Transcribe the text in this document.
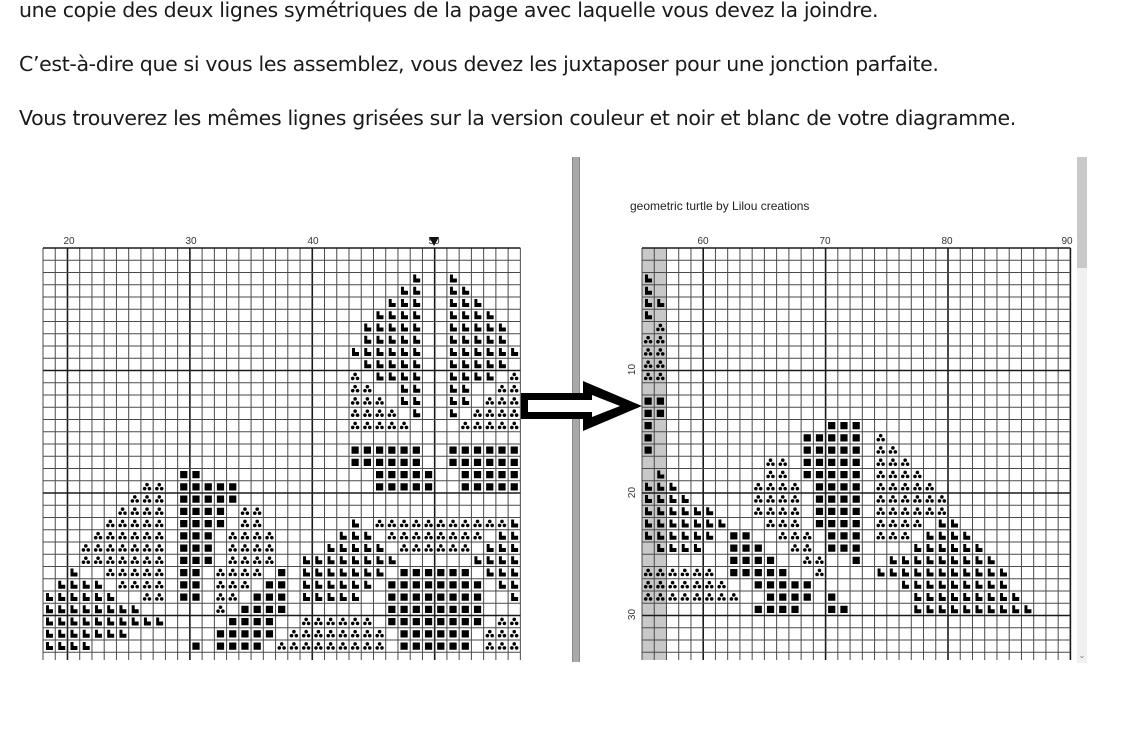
une copie des deux lignes symétriques de la page avec laquelle vous devez la joindre.
C’est-à-dire que si vous les assemblez, vous devez les juxtaposer pour une jonction parfaite.
Vous trouverez les mêmes lignes grisées sur la version couleur et noir et blanc de votre diagramme.
20	30	40	50
geometric turtle by Lilou creations
60	70	80	90
10
20
30
⌄
